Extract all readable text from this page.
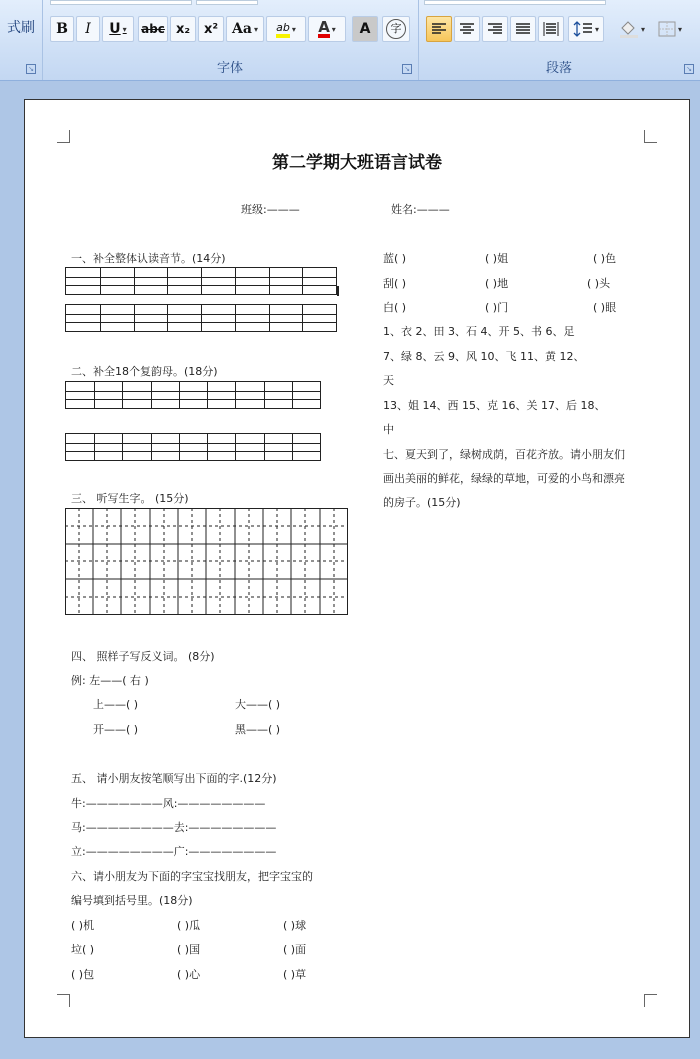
式刷
↘
B	I	U ▾ abc x₂	x² Aa ▾ ab ▾ A ▾	A	字
字体	↘
▾	▾	▾
段落	↘
第二学期大班语言试卷
班级:———	姓名:———
一、补全整体认读音节。(14分)
二、补全18个复韵母。(18分)
三、 听写生字。 (15分)
四、 照样子写反义词。 (8分)
例: 左——( 右 )
上——( )	大——( )
开——( )	黑——( )
五、 请小朋友按笔顺写出下面的字.(12分)
牛:———————风:————————
马:————————去:————————
立:————————广:————————
六、请小朋友为下面的字宝宝找朋友，把字宝宝的
编号填到括号里。(18分)
( )机	( )瓜	( )球
垃( )	( )国	( )面
( )包	( )心	( )草
蓝( )	( )姐	( )色
刮( )	( )地	( )头
白( )	( )门	( )眼
1、衣 2、田 3、石 4、开 5、书 6、足
7、绿 8、云 9、风 10、飞 11、黄 12、
天
13、姐 14、西 15、克 16、关 17、后 18、
中
七、夏天到了，绿树成荫，百花齐放。请小朋友们
画出美丽的鲜花，绿绿的草地，可爱的小鸟和漂亮
的房子。(15分)
